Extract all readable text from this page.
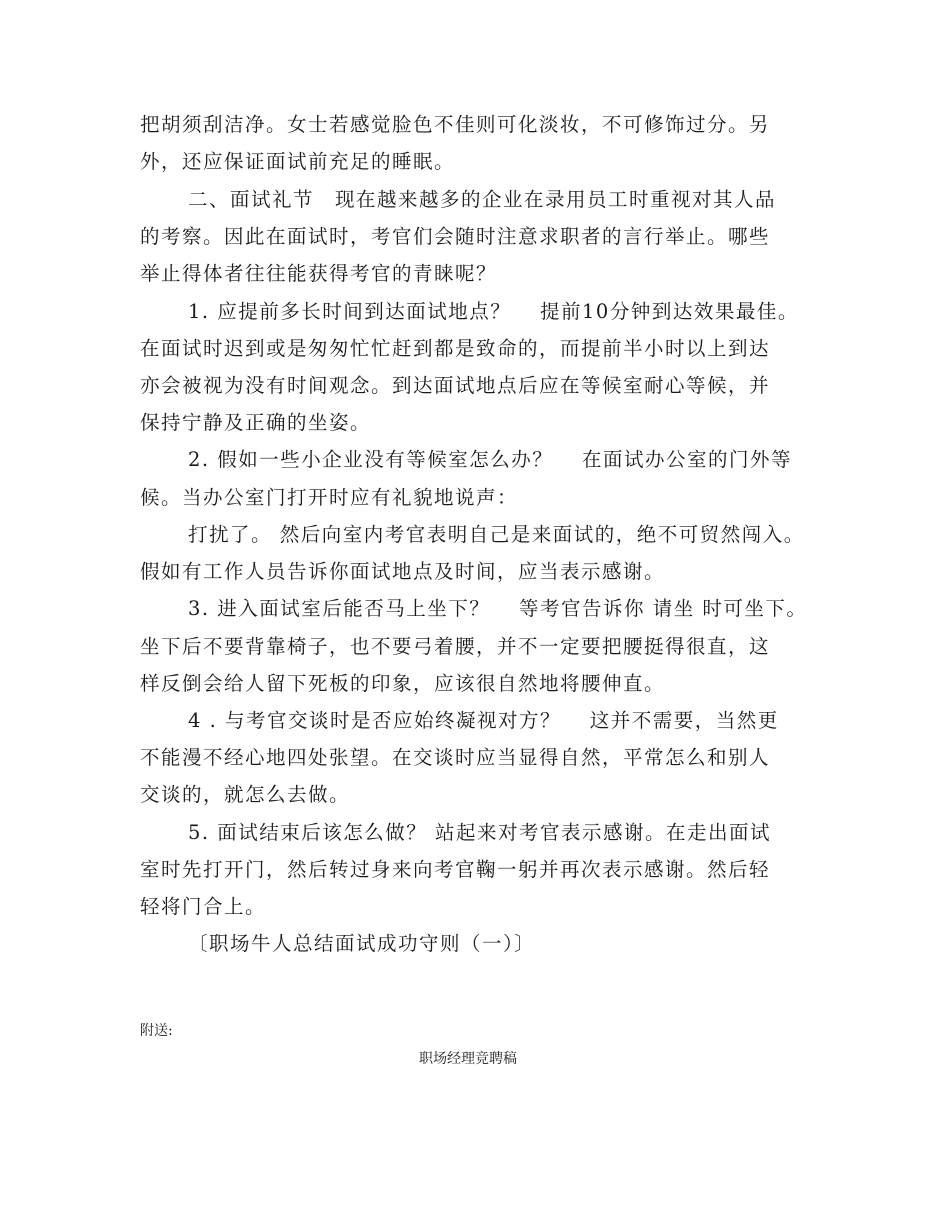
把胡须刮洁净。女士若感觉脸色不佳则可化淡妆，不可修饰过分。另
外，还应保证面试前充足的睡眠。
二、面试礼节　现在越来越多的企业在录用员工时重视对其人品
的考察。因此在面试时，考官们会随时注意求职者的言行举止。哪些
举止得体者往往能获得考官的青睐呢？
1. 应提前多长时间到达面试地点？　 提前10分钟到达效果最佳。
在面试时迟到或是匆匆忙忙赶到都是致命的，而提前半小时以上到达
亦会被视为没有时间观念。到达面试地点后应在等候室耐心等候，并
保持宁静及正确的坐姿。
2. 假如一些小企业没有等候室怎么办？　 在面试办公室的门外等
候。当办公室门打开时应有礼貌地说声：
打扰了。 然后向室内考官表明自己是来面试的，绝不可贸然闯入。
假如有工作人员告诉你面试地点及时间，应当表示感谢。
3. 进入面试室后能否马上坐下？　 等考官告诉你 请坐 时可坐下。
坐下后不要背靠椅子，也不要弓着腰，并不一定要把腰挺得很直，这
样反倒会给人留下死板的印象，应该很自然地将腰伸直。
4 . 与考官交谈时是否应始终凝视对方？　 这并不需要，当然更
不能漫不经心地四处张望。在交谈时应当显得自然，平常怎么和别人
交谈的，就怎么去做。
5. 面试结束后该怎么做？ 站起来对考官表示感谢。在走出面试
室时先打开门，然后转过身来向考官鞠一躬并再次表示感谢。然后轻
轻将门合上。
〔职场牛人总结面试成功守则（一）〕
附送:
职场经理竞聘稿
